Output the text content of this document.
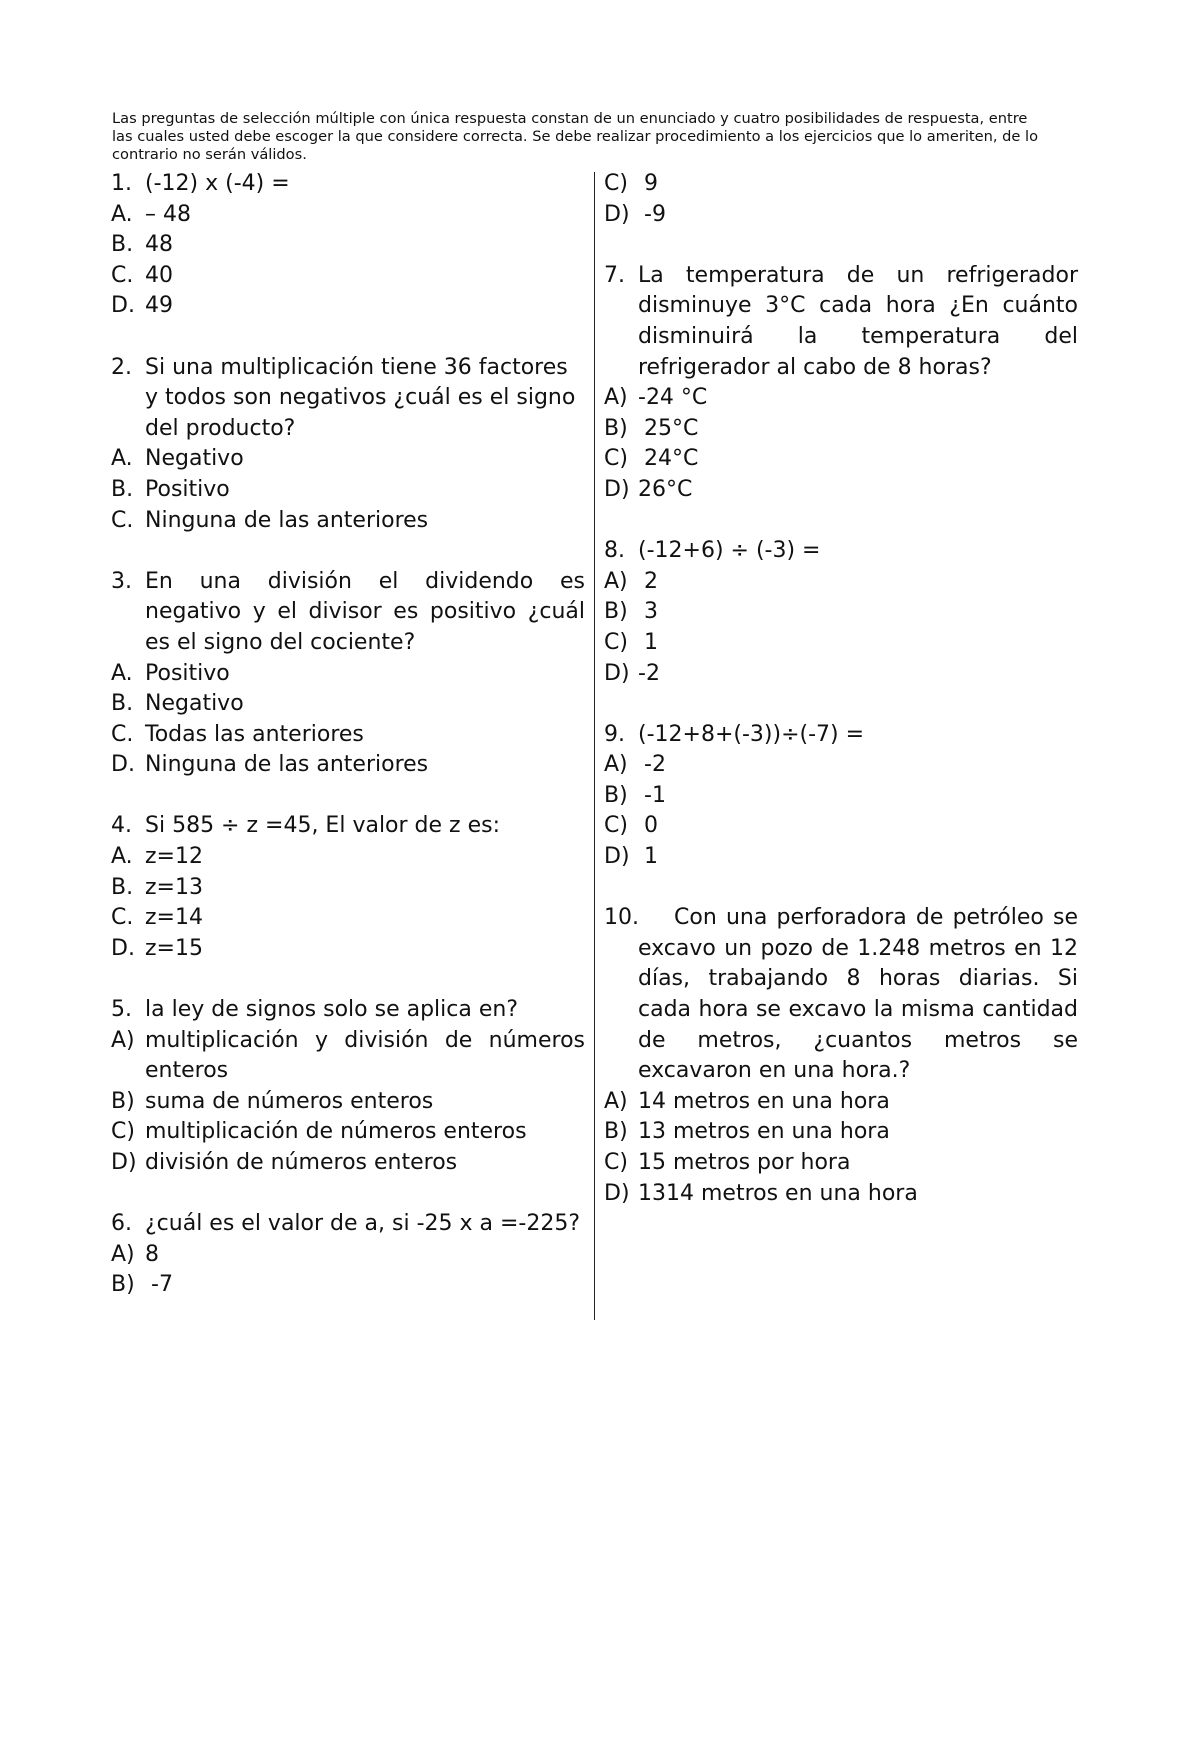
Las preguntas de selección múltiple con única respuesta constan de un enunciado y cuatro posibilidades de respuesta, entre las cuales usted debe escoger la que considere correcta. Se debe realizar procedimiento a los ejercicios que lo ameriten, de lo contrario no serán válidos.

1. (-12) x (-4) =
A. – 48
B. 48
C. 40
D. 49
2. Si una multiplicación tiene 36 factores y todos son negativos ¿cuál es el signo del producto?
A. Negativo
B. Positivo
C. Ninguna de las anteriores
3. En una división el dividendo es negativo y el divisor es positivo ¿cuál es el signo del cociente?
A. Positivo
B. Negativo
C. Todas las anteriores
D. Ninguna de las anteriores
4. Si 585 ÷ z =45, El valor de z es:
A. z=12
B. z=13
C. z=14
D. z=15
5. la ley de signos solo se aplica en?
A) multiplicación y división de números enteros
B) suma de números enteros
C) multiplicación de números enteros
D) división de números enteros
6. ¿cuál es el valor de a, si -25 x a =-225?
A) 8
B) -7
C) 9
D) -9
7. La temperatura de un refrigerador disminuye 3°C cada hora ¿En cuánto disminuirá la temperatura del refrigerador al cabo de 8 horas?
A) -24 °C
B) 25°C
C) 24°C
D) 26°C
8. (-12+6) ÷ (-3) =
A) 2
B) 3
C) 1
D) -2
9. (-12+8+(-3))÷(-7) =
A) -2
B) -1
C) 0
D) 1
10.	Con una perforadora de petróleo se excavo un pozo de 1.248 metros en 12 días, trabajando 8 horas diarias. Si cada hora se excavo la misma cantidad de metros, ¿cuantos metros se excavaron en una hora.?
A) 14 metros en una hora
B) 13 metros en una hora
C) 15 metros por hora
D) 1314 metros en una hora
